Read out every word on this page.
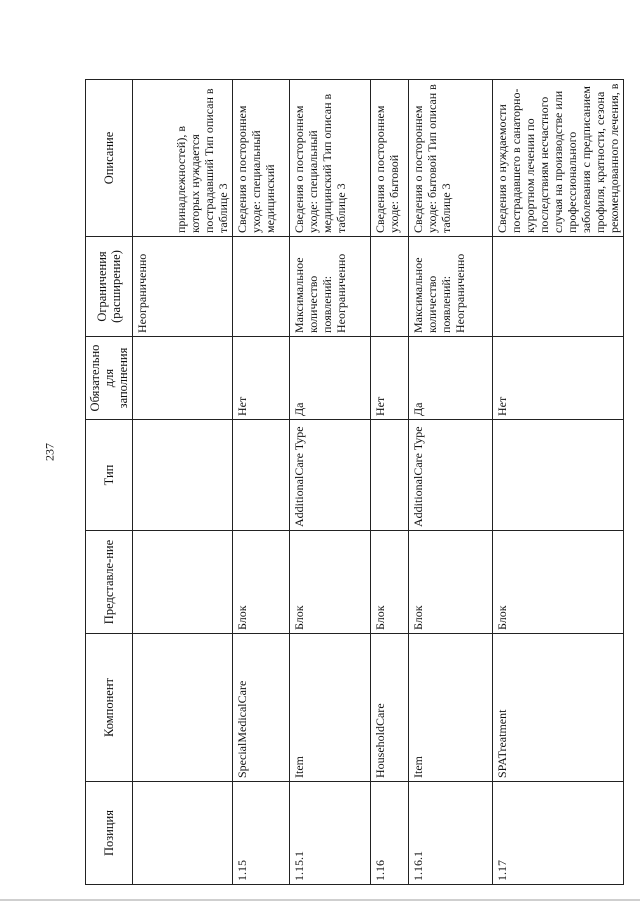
237
Позиция	Компонент	Представле-ние	Тип	Обязательно для заполнения	Ограничения (расширение)	Описание
					Неограниченно	принадлежностей), в которых нуждается пострадавший Тип описан в таблице 3
1.15	SpecialMedicalCare	Блок		Нет		Сведения о постороннем уходе: специальный медицинский
1.15.1	Item	Блок	AdditionalCare Type	Да	Максимальное количество появлений: Неограниченно	Сведения о постороннем уходе: специальный медицинский Тип описан в таблице 3
1.16	HouseholdCare	Блок		Нет		Сведения о постороннем уходе: бытовой
1.16.1	Item	Блок	AdditionalCare Type	Да	Максимальное количество появлений: Неограниченно	Сведения о постороннем уходе: бытовой Тип описан в таблице 3
1.17	SPATreatment	Блок		Нет		Сведения о нуждаемости пострадавшего в санаторно-курортном лечении по последствиям несчастного случая на производстве или профессионального заболевания с предписанием профиля, кратности, сезона рекомендованного лечения, в
